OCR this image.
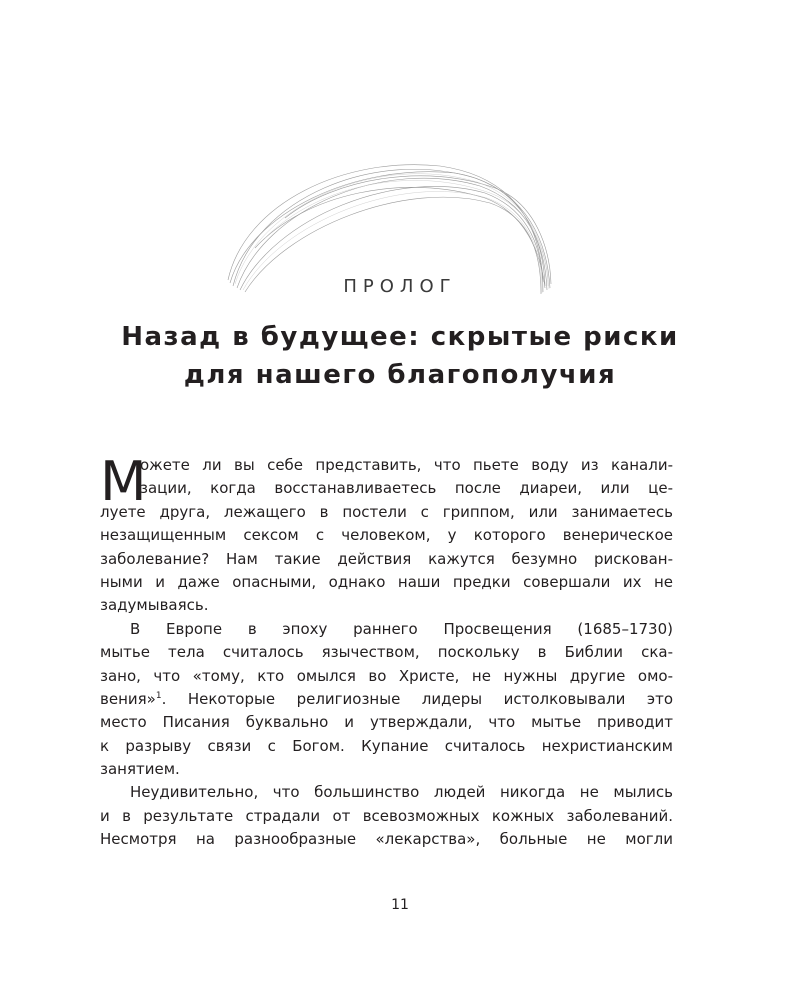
ПРОЛОГ
Назад в будущее: скрытые риски
для нашего благополучия
М
ожете ли вы себе представить, что пьете воду из канали-
зации, когда восстанавливаетесь после диареи, или це-
луете друга, лежащего в постели с гриппом, или занимаетесь
незащищенным сексом с человеком, у которого венерическое
заболевание? Нам такие действия кажутся безумно рискован-
ными и даже опасными, однако наши предки совершали их не
задумываясь.
В Европе в эпоху раннего Просвещения (1685–1730)
мытье тела считалось язычеством, поскольку в Библии ска-
зано, что «тому, кто омылся во Христе, не нужны другие омо-
вения»$^1$. Некоторые религиозные лидеры истолковывали это
место Писания буквально и утверждали, что мытье приводит
к разрыву связи с Богом. Купание считалось нехристианским
занятием.
Неудивительно, что большинство людей никогда не мылись
и в результате страдали от всевозможных кожных заболеваний.
Несмотря на разнообразные «лекарства», больные не могли
11
